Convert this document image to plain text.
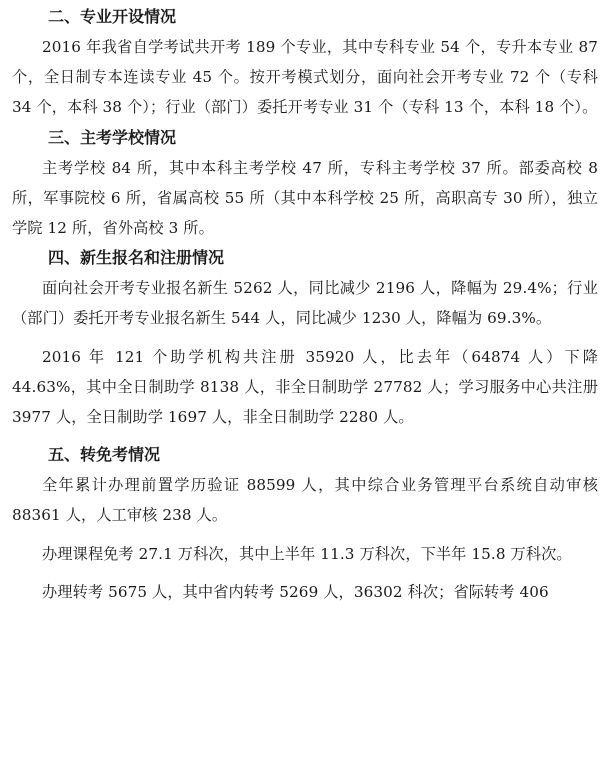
二、专业开设情况

2016 年我省自学考试共开考 189 个专业，其中专科专业 54 个，专升本专业 87 个，全日制专本连读专业 45 个。按开考模式划分，面向社会开考专业 72 个（专科 34 个，本科 38 个）；行业（部门）委托开考专业 31 个（专科 13 个，本科 18 个）。

三、主考学校情况

主考学校 84 所，其中本科主考学校 47 所，专科主考学校 37 所。部委高校 8 所，军事院校 6 所，省属高校 55 所（其中本科学校 25 所，高职高专 30 所），独立学院 12 所，省外高校 3 所。

四、新生报名和注册情况

面向社会开考专业报名新生 5262 人，同比减少 2196 人，降幅为 29.4%；行业（部门）委托开考专业报名新生 544 人，同比减少 1230 人，降幅为 69.3%。

2016 年 121 个助学机构共注册 35920 人，比去年（64874 人）下降 44.63%，其中全日制助学 8138 人，非全日制助学 27782 人；学习服务中心共注册 3977 人，全日制助学 1697 人，非全日制助学 2280 人。

五、转免考情况

全年累计办理前置学历验证 88599 人，其中综合业务管理平台系统自动审核 88361 人，人工审核 238 人。

办理课程免考 27.1 万科次，其中上半年 11.3 万科次，下半年 15.8 万科次。

办理转考 5675 人，其中省内转考 5269 人，36302 科次；省际转考 406
